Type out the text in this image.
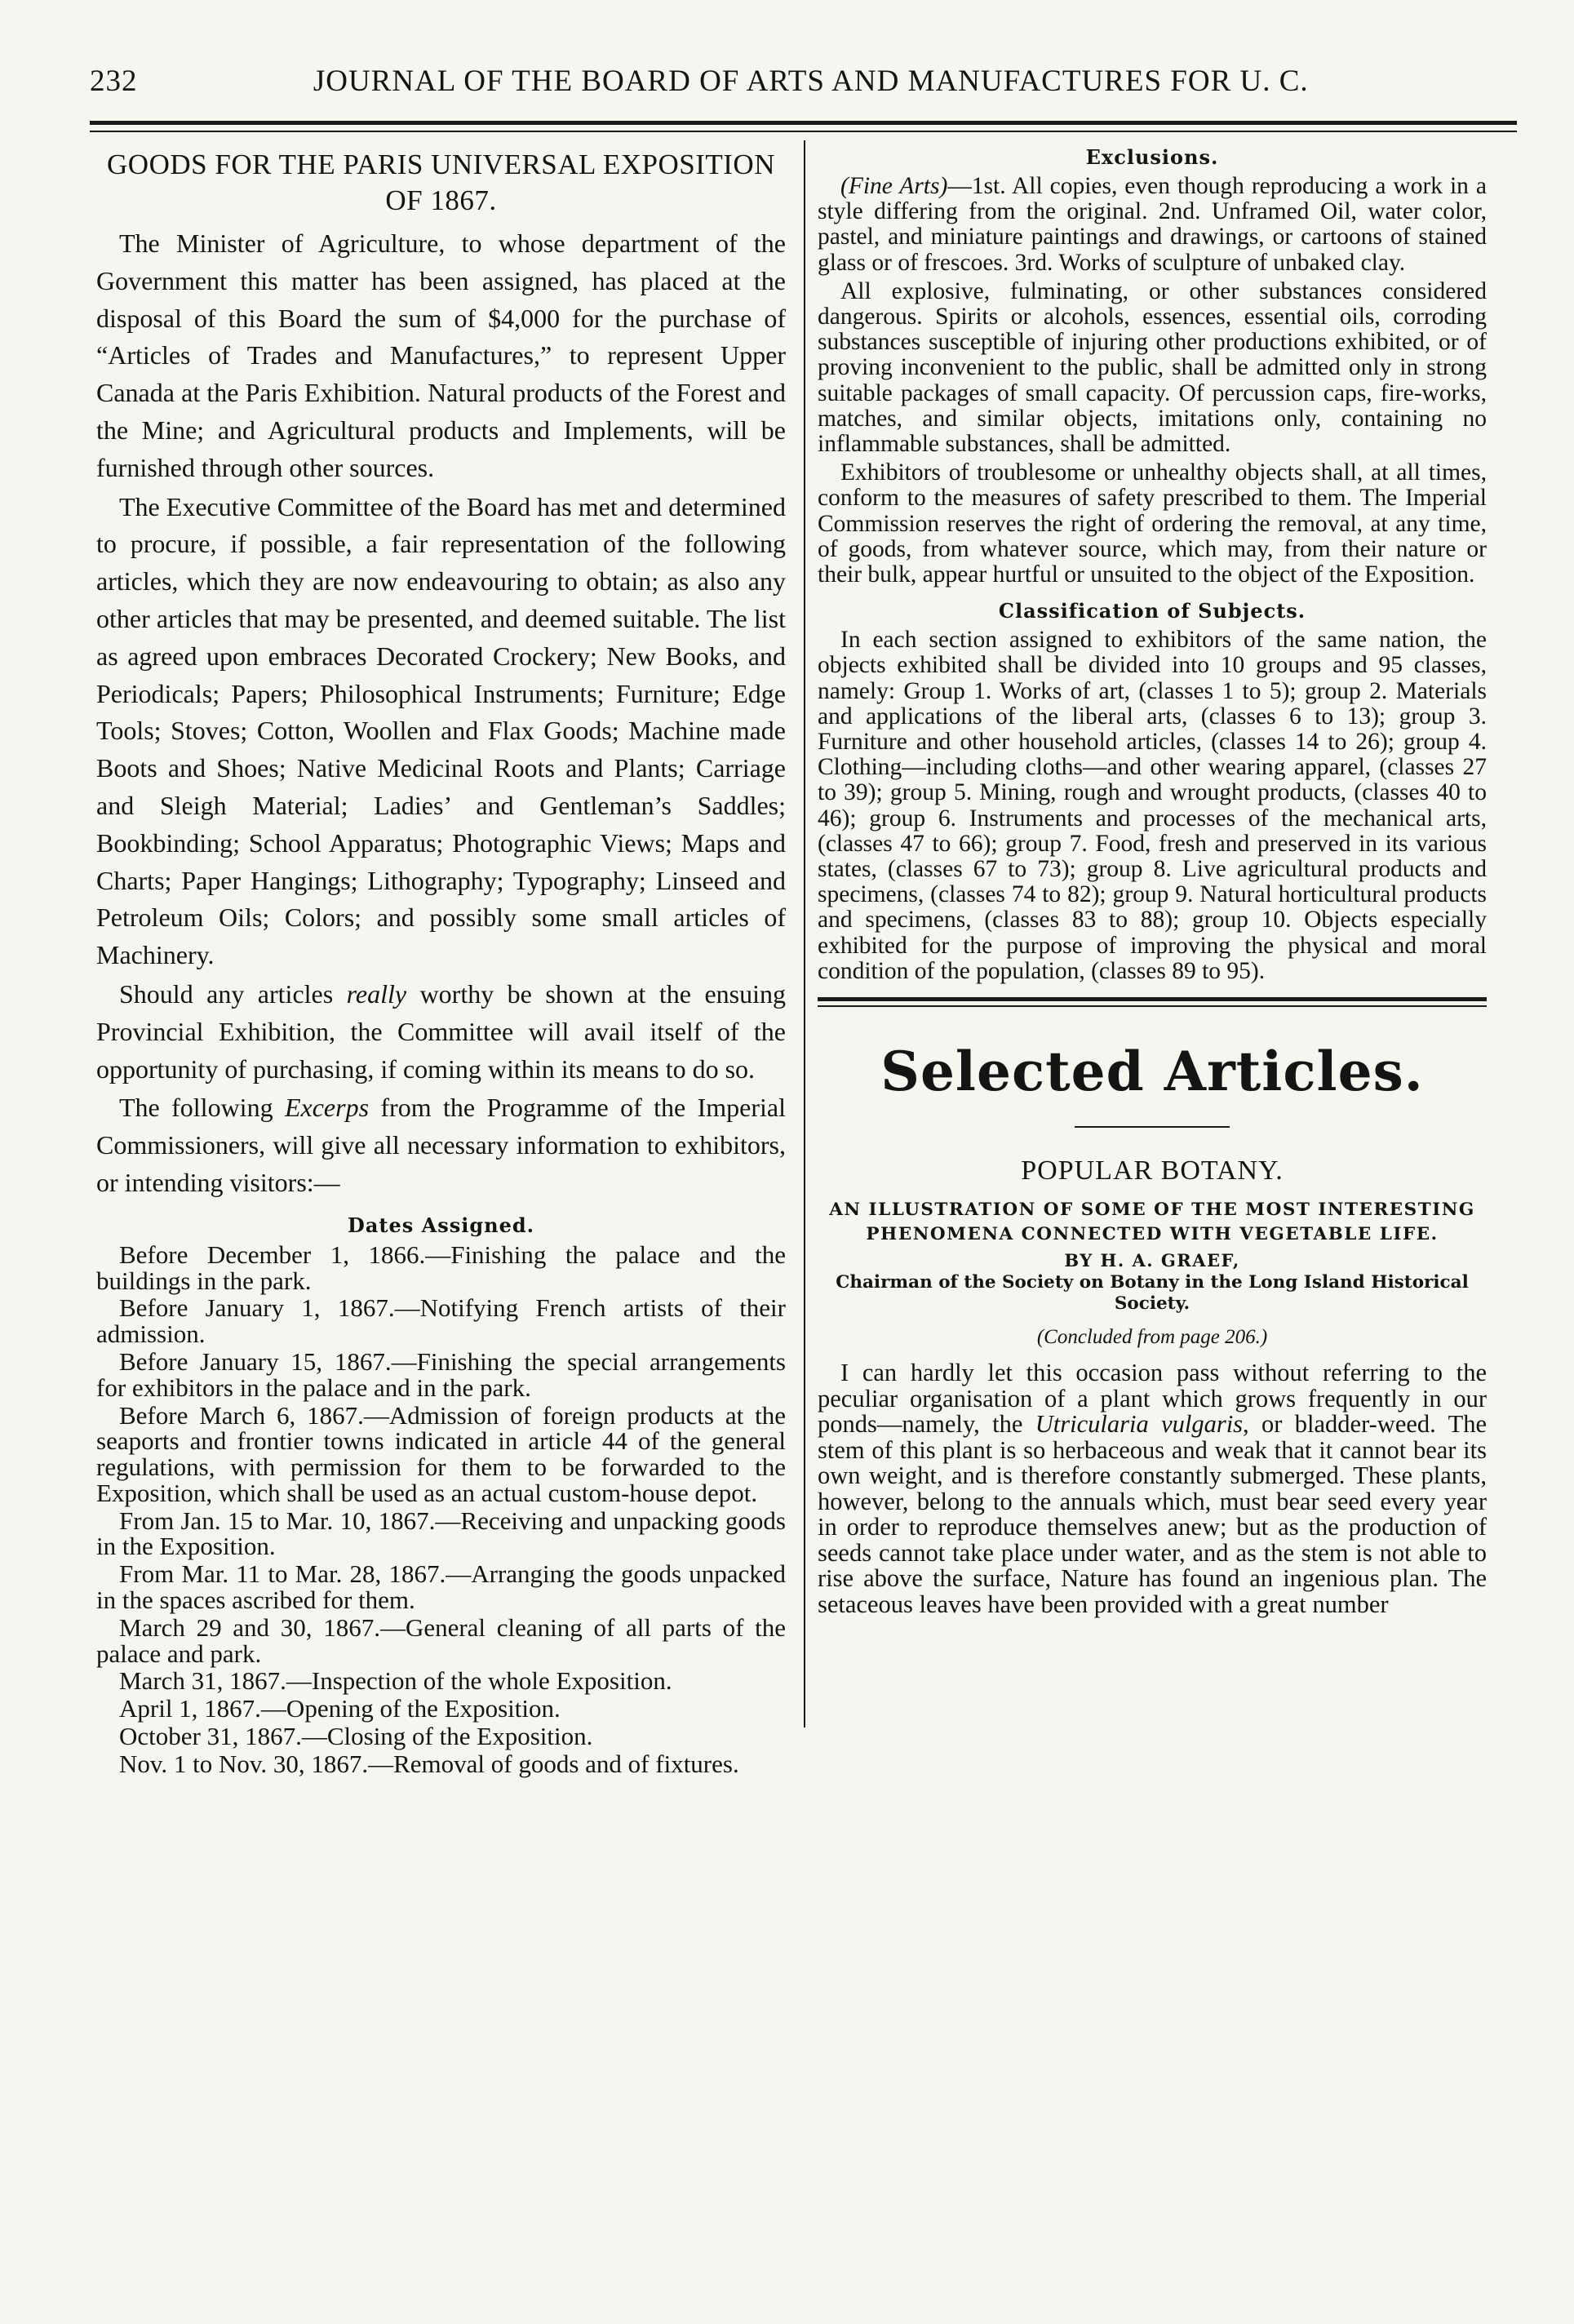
232	JOURNAL OF THE BOARD OF ARTS AND MANUFACTURES FOR U. C.
GOODS FOR THE PARIS UNIVERSAL EXPOSITION OF 1867.

The Minister of Agriculture, to whose department of the Government this matter has been assigned, has placed at the disposal of this Board the sum of $4,000 for the purchase of “Articles of Trades and Manufactures,” to represent Upper Canada at the Paris Exhibition. Natural products of the Forest and the Mine; and Agricultural products and Implements, will be furnished through other sources.

The Executive Committee of the Board has met and determined to procure, if possible, a fair representation of the following articles, which they are now endeavouring to obtain; as also any other articles that may be presented, and deemed suitable. The list as agreed upon embraces Decorated Crockery; New Books, and Periodicals; Papers; Philosophical Instruments; Furniture; Edge Tools; Stoves; Cotton, Woollen and Flax Goods; Machine made Boots and Shoes; Native Medicinal Roots and Plants; Carriage and Sleigh Material; Ladies’ and Gentleman’s Saddles; Bookbinding; School Apparatus; Photographic Views; Maps and Charts; Paper Hangings; Lithography; Typography; Linseed and Petroleum Oils; Colors; and possibly some small articles of Machinery.

Should any articles really worthy be shown at the ensuing Provincial Exhibition, the Committee will avail itself of the opportunity of purchasing, if coming within its means to do so.

The following Excerps from the Programme of the Imperial Commissioners, will give all necessary information to exhibitors, or intending visitors:—

Dates Assigned.

Before December 1, 1866.—Finishing the palace and the buildings in the park.

Before January 1, 1867.—Notifying French artists of their admission.

Before January 15, 1867.—Finishing the special arrangements for exhibitors in the palace and in the park.

Before March 6, 1867.—Admission of foreign products at the seaports and frontier towns indicated in article 44 of the general regulations, with permission for them to be forwarded to the Exposition, which shall be used as an actual custom-house depot.

From Jan. 15 to Mar. 10, 1867.—Receiving and unpacking goods in the Exposition.

From Mar. 11 to Mar. 28, 1867.—Arranging the goods unpacked in the spaces ascribed for them.

March 29 and 30, 1867.—General cleaning of all parts of the palace and park.

March 31, 1867.—Inspection of the whole Exposition.

April 1, 1867.—Opening of the Exposition.

October 31, 1867.—Closing of the Exposition.

Nov. 1 to Nov. 30, 1867.—Removal of goods and of fixtures.

Exclusions.

(Fine Arts)—1st. All copies, even though reproducing a work in a style differing from the original. 2nd. Unframed Oil, water color, pastel, and miniature paintings and drawings, or cartoons of stained glass or of frescoes. 3rd. Works of sculpture of unbaked clay.

All explosive, fulminating, or other substances considered dangerous. Spirits or alcohols, essences, essential oils, corroding substances susceptible of injuring other productions exhibited, or of proving inconvenient to the public, shall be admitted only in strong suitable packages of small capacity. Of percussion caps, fire-works, matches, and similar objects, imitations only, containing no inflammable substances, shall be admitted.

Exhibitors of troublesome or unhealthy objects shall, at all times, conform to the measures of safety prescribed to them. The Imperial Commission reserves the right of ordering the removal, at any time, of goods, from whatever source, which may, from their nature or their bulk, appear hurtful or unsuited to the object of the Exposition.

Classification of Subjects.

In each section assigned to exhibitors of the same nation, the objects exhibited shall be divided into 10 groups and 95 classes, namely: Group 1. Works of art, (classes 1 to 5); group 2. Materials and applications of the liberal arts, (classes 6 to 13); group 3. Furniture and other household articles, (classes 14 to 26); group 4. Clothing—including cloths—and other wearing apparel, (classes 27 to 39); group 5. Mining, rough and wrought products, (classes 40 to 46); group 6. Instruments and processes of the mechanical arts, (classes 47 to 66); group 7. Food, fresh and preserved in its various states, (classes 67 to 73); group 8. Live agricultural products and specimens, (classes 74 to 82); group 9. Natural horticultural products and specimens, (classes 83 to 88); group 10. Objects especially exhibited for the purpose of improving the physical and moral condition of the population, (classes 89 to 95).

Selected Articles.
POPULAR BOTANY.
AN ILLUSTRATION OF SOME OF THE MOST INTERESTING PHENOMENA CONNECTED WITH VEGETABLE LIFE.
BY H. A. GRAEF,
Chairman of the Society on Botany in the Long Island Historical Society.
(Concluded from page 206.)

I can hardly let this occasion pass without referring to the peculiar organisation of a plant which grows frequently in our ponds—namely, the Utricularia vulgaris, or bladder-weed. The stem of this plant is so herbaceous and weak that it cannot bear its own weight, and is therefore constantly submerged. These plants, however, belong to the annuals which, must bear seed every year in order to reproduce themselves anew; but as the production of seeds cannot take place under water, and as the stem is not able to rise above the surface, Nature has found an ingenious plan. The setaceous leaves have been provided with a great number
